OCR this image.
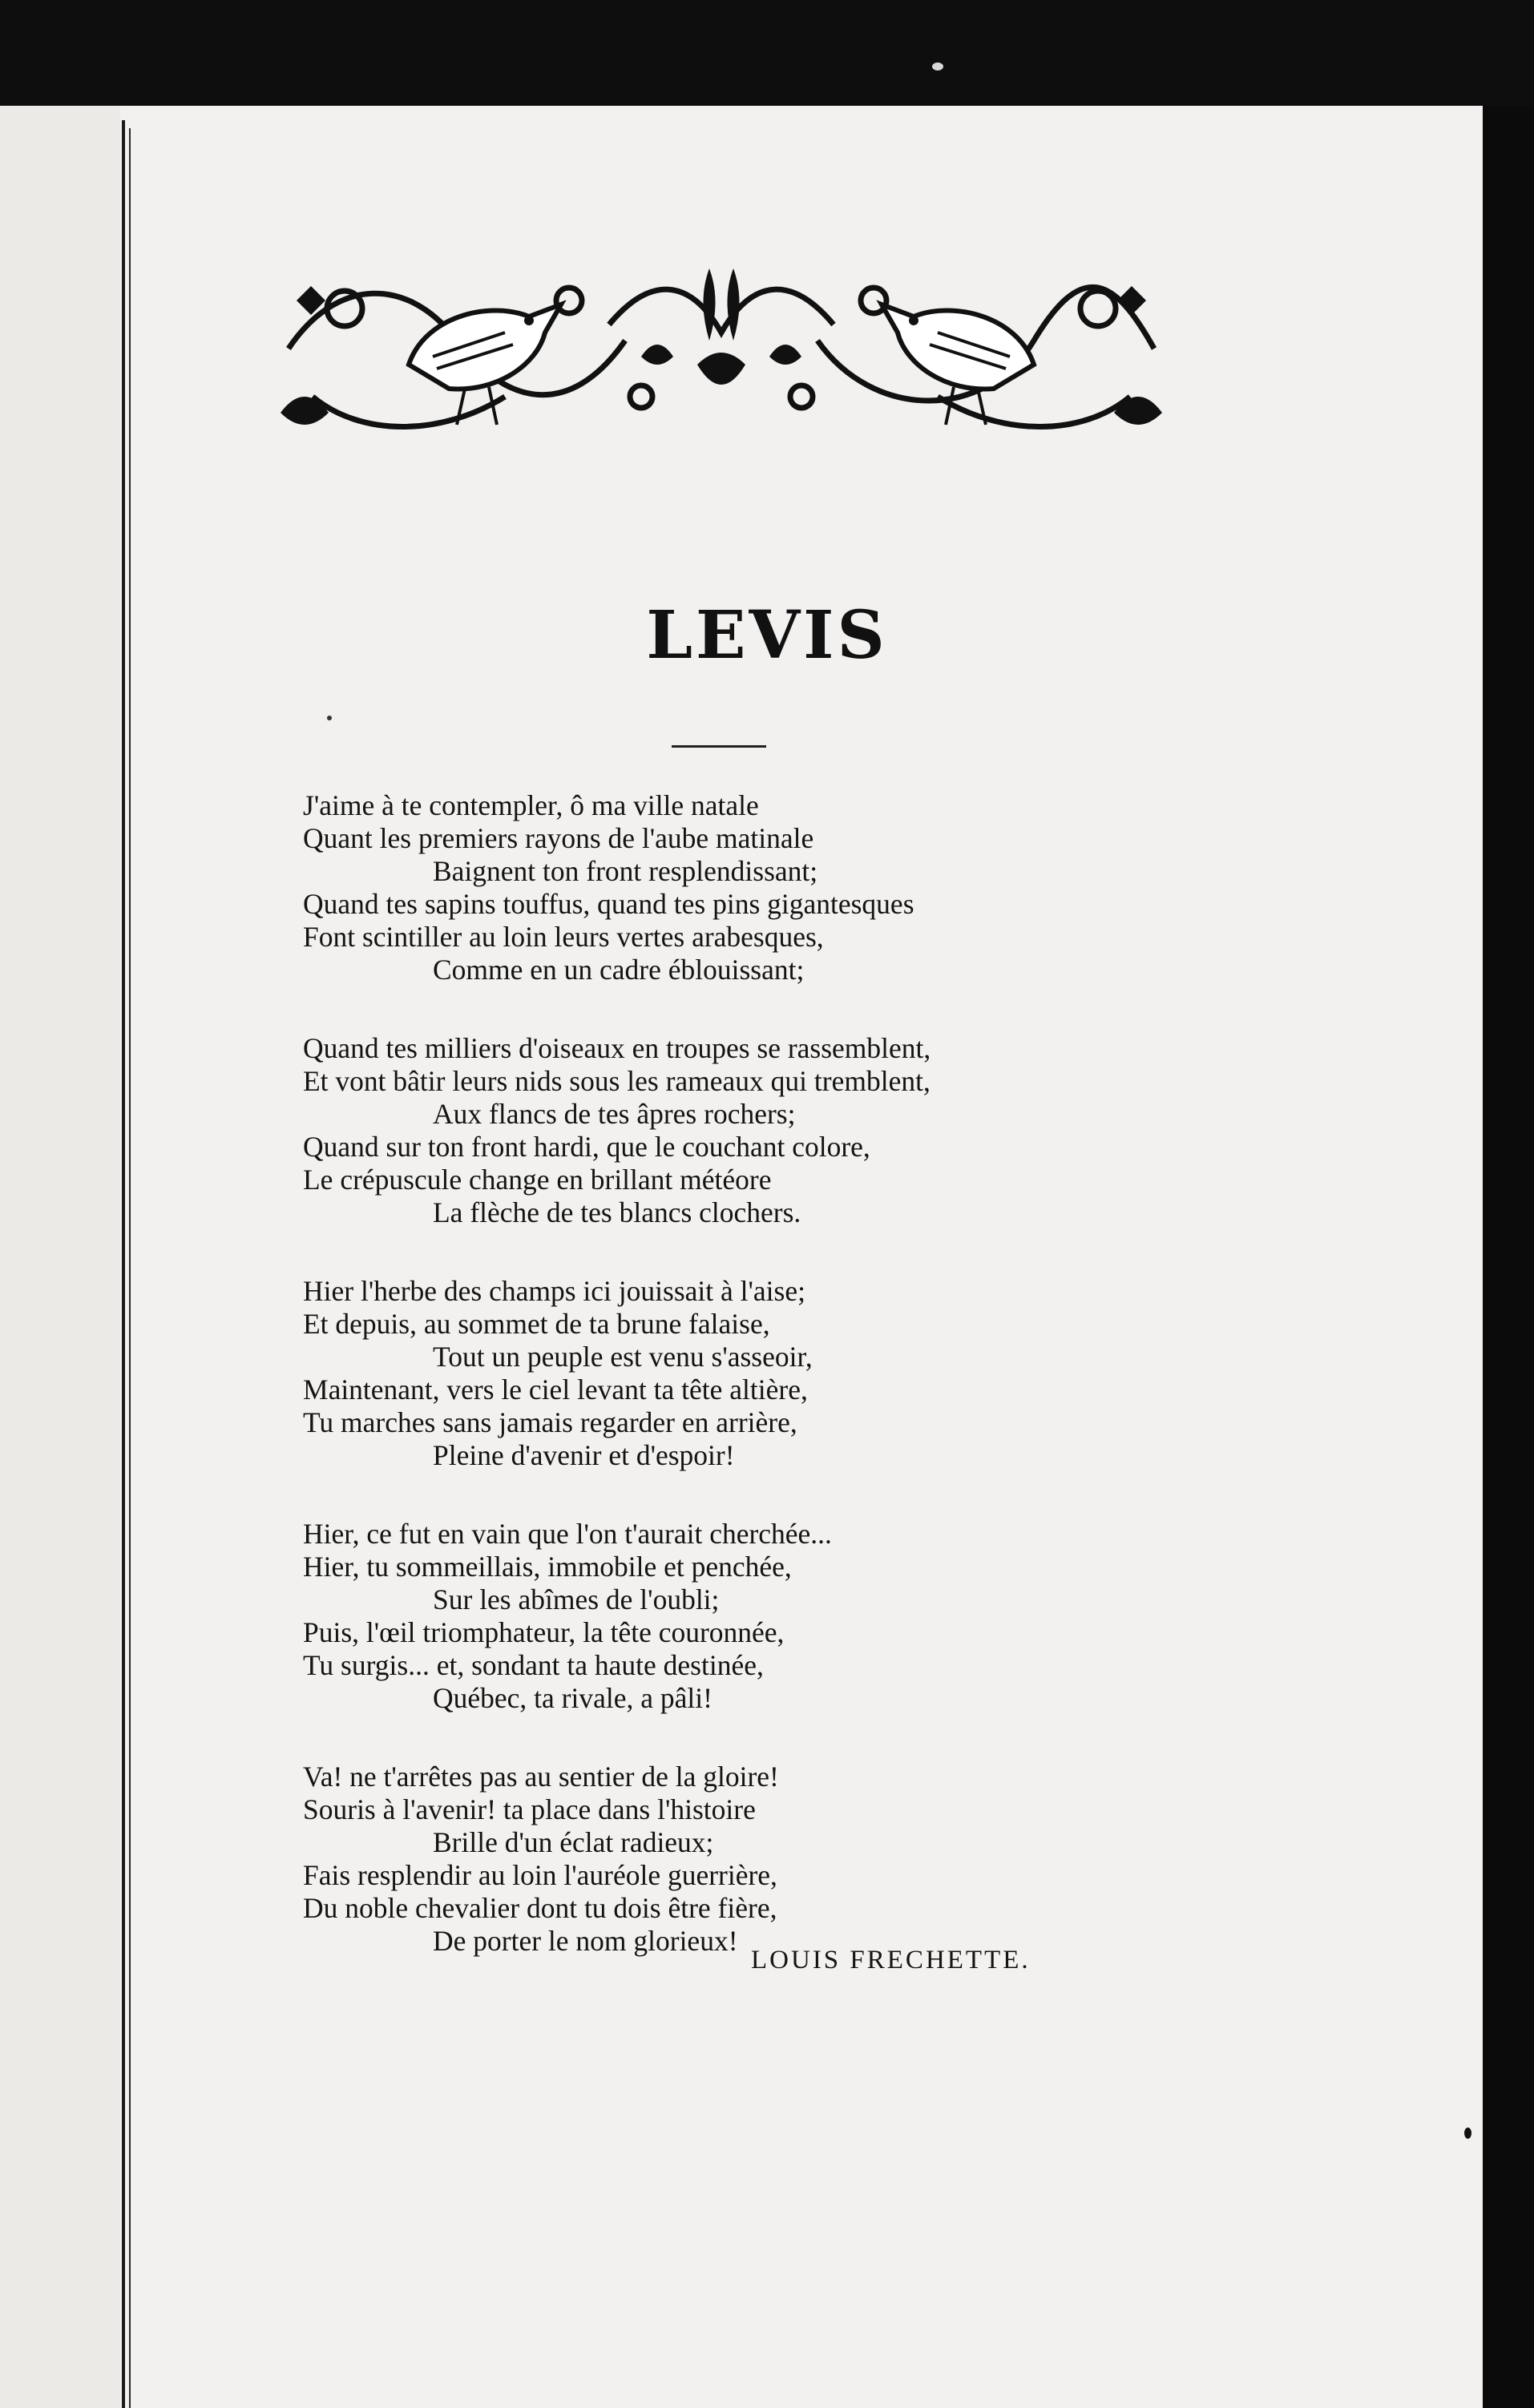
LEVIS
J'aime à te contempler, ô ma ville natale
Quant les premiers rayons de l'aube matinale
Baignent ton front resplendissant;
Quand tes sapins touffus, quand tes pins gigantesques
Font scintiller au loin leurs vertes arabesques,
Comme en un cadre éblouissant;
Quand tes milliers d'oiseaux en troupes se rassemblent,
Et vont bâtir leurs nids sous les rameaux qui tremblent,
Aux flancs de tes âpres rochers;
Quand sur ton front hardi, que le couchant colore,
Le crépuscule change en brillant météore
La flèche de tes blancs clochers.
Hier l'herbe des champs ici jouissait à l'aise;
Et depuis, au sommet de ta brune falaise,
Tout un peuple est venu s'asseoir,
Maintenant, vers le ciel levant ta tête altière,
Tu marches sans jamais regarder en arrière,
Pleine d'avenir et d'espoir!
Hier, ce fut en vain que l'on t'aurait cherchée...
Hier, tu sommeillais, immobile et penchée,
Sur les abîmes de l'oubli;
Puis, l'œil triomphateur, la tête couronnée,
Tu surgis... et, sondant ta haute destinée,
Québec, ta rivale, a pâli!
Va! ne t'arrêtes pas au sentier de la gloire!
Souris à l'avenir! ta place dans l'histoire
Brille d'un éclat radieux;
Fais resplendir au loin l'auréole guerrière,
Du noble chevalier dont tu dois être fière,
De porter le nom glorieux!
LOUIS FRECHETTE.
